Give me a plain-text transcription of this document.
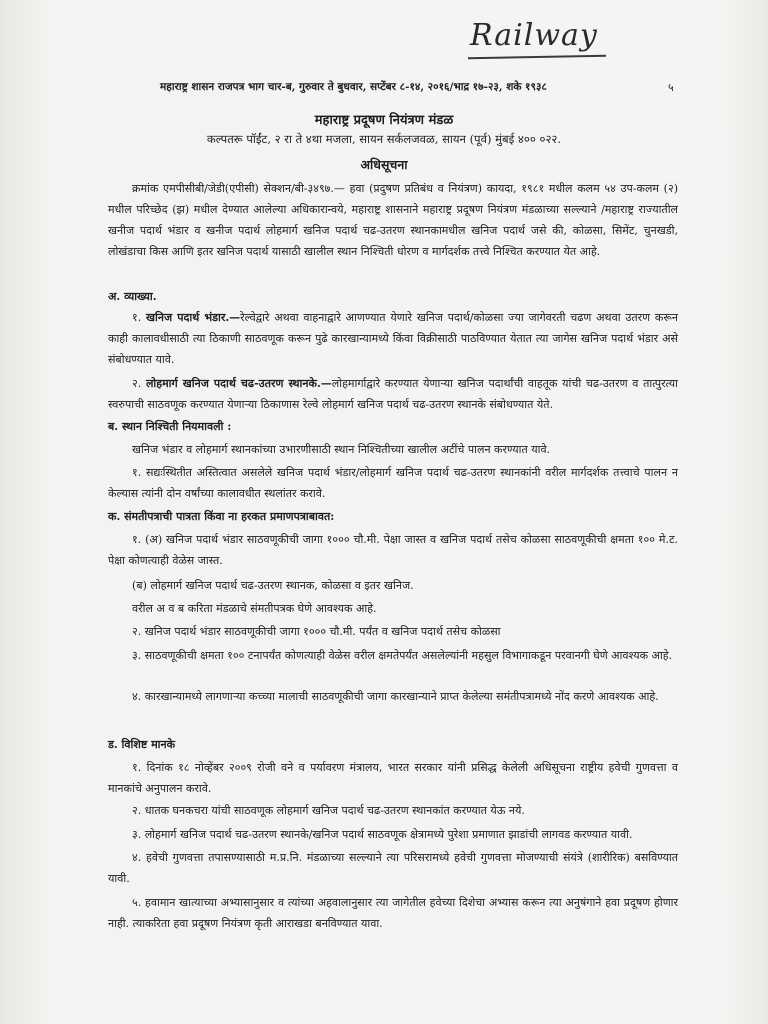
Railway
महाराष्ट्र शासन राजपत्र भाग चार-ब, गुरुवार ते बुधवार, सप्टेंबर ८-१४, २०१६/भाद्र १७-२३, शके १९३८	५
महाराष्ट्र प्रदूषण नियंत्रण मंडळ
कल्पतरू पॉईंट, २ रा ते ४था मजला, सायन सर्कलजवळ, सायन (पूर्व) मुंबई ४०० ०२२.
अधिसूचना

क्रमांक एमपीसीबी/जेडी(एपीसी) सेक्शन/बी-३४९७.— हवा (प्रदुषण प्रतिबंध व नियंत्रण) कायदा, १९८१ मधील कलम ५४ उप-कलम (२) मधील परिच्छेद (झ) मधील देण्यात आलेल्या अधिकारान्वये, महाराष्ट्र शासनाने महाराष्ट्र प्रदूषण नियंत्रण मंडळाच्या सल्ल्याने /महाराष्ट्र राज्यातील खनीज पदार्थ भंडार व खनीज पदार्थ लोहमार्ग खनिज पदार्थ चढ-उतरण स्थानकामधील खनिज पदार्थ जसे की, कोळसा, सिमेंट, चुनखडी, लोखंडाचा किस आणि इतर खनिज पदार्थ यासाठी खालील स्थान निश्चिती धोरण व मार्गदर्शक तत्त्वे निश्चित करण्यात येत आहे.

अ. व्याख्या.
१. खनिज पदार्थ भंडार.—रेल्वेद्वारे अथवा वाहनाद्वारे आणण्यात येणारे खनिज पदार्थ/कोळसा ज्या जागेवरती चढण अथवा उतरण करून काही कालावधीसाठी त्या ठिकाणी साठवणूक करून पुढे कारखान्यामध्ये किंवा विक्रीसाठी पाठविण्यात येतात त्या जागेस खनिज पदार्थ भंडार असे संबोधण्यात यावे.
२. लोहमार्ग खनिज पदार्थ चढ-उतरण स्थानके.—लोहमार्गाद्वारे करण्यात येणाऱ्या खनिज पदार्थांची वाहतूक यांची चढ-उतरण व तात्पुरत्या स्वरुपाची साठवणूक करण्यात येणाऱ्या ठिकाणास रेल्वे लोहमार्ग खनिज पदार्थ चढ-उतरण स्थानके संबोधण्यात येते.
ब. स्थान निश्चिती नियमावली :
खनिज भंडार व लोहमार्ग स्थानकांच्या उभारणीसाठी स्थान निश्चितीच्या खालील अटींचे पालन करण्यात यावे.
१. सद्यःस्थितीत अस्तित्वात असलेले खनिज पदार्थ भंडार/लोहमार्ग खनिज पदार्थ चढ-उतरण स्थानकांनी वरील मार्गदर्शक तत्त्वाचे पालन न केल्यास त्यांनी दोन वर्षांच्या कालावधीत स्थलांतर करावे.
क. संमतीपत्राची पात्रता किंवा ना हरकत प्रमाणपत्राबावत:
१. (अ) खनिज पदार्थ भंडार साठवणूकीची जागा १००० चौ.मी. पेक्षा जास्त व खनिज पदार्थ तसेच कोळसा साठवणूकीची क्षमता १०० मे.ट. पेक्षा कोणत्याही वेळेस जास्त.
(ब) लोहमार्ग खनिज पदार्थ चढ-उतरण स्थानक, कोळसा व इतर खनिज.
वरील अ व ब करिता मंडळाचे संमतीपत्रक घेणे आवश्यक आहे.
२. खनिज पदार्थ भंडार साठवणूकीची जागा १००० चौ.मी. पर्यंत व खनिज पदार्थ तसेच कोळसा
३. साठवणूकीची क्षमता १०० टनापर्यंत कोणत्याही वेळेस वरील क्षमतेपर्यंत असलेल्यांनी महसुल विभागाकडून परवानगी घेणे आवश्यक आहे.
४. कारखान्यामध्ये लागणाऱ्या कच्च्या मालाची साठवणूकीची जागा कारखान्याने प्राप्त केलेल्या समंतीपत्रामध्ये नोंद करणे आवश्यक आहे.
ड. विशिष्ट मानके
१. दिनांक १८ नोव्हेंबर २००९ रोजी वने व पर्यावरण मंत्रालय, भारत सरकार यांनी प्रसिद्ध केलेली अधिसूचना राष्ट्रीय हवेची गुणवत्ता व मानकांचे अनुपालन करावे.
२. धातक घनकचरा यांची साठवणूक लोहमार्ग खनिज पदार्थ चढ-उतरण स्थानकांत करण्यात येऊ नये.
३. लोहमार्ग खनिज पदार्थ चढ-उतरण स्थानके/खनिज पदार्थ साठवणूक क्षेत्रामध्ये पुरेशा प्रमाणात झाडांची लागवड करण्यात यावी.
४. हवेची गुणवत्ता तपासण्यासाठी म.प्र.नि. मंडळाच्या सल्ल्याने त्या परिसरामध्ये हवेची गुणवत्ता मोजण्याची संयंत्रे (शारीरिक) बसविण्यात यावी.
५. हवामान खात्याच्या अभ्यासानुसार व त्यांच्या अहवालानुसार त्या जागेतील हवेच्या दिशेचा अभ्यास करून त्या अनुषंगाने हवा प्रदूषण होणार नाही. त्याकरिता हवा प्रदूषण नियंत्रण कृती आराखडा बनविण्यात यावा.
